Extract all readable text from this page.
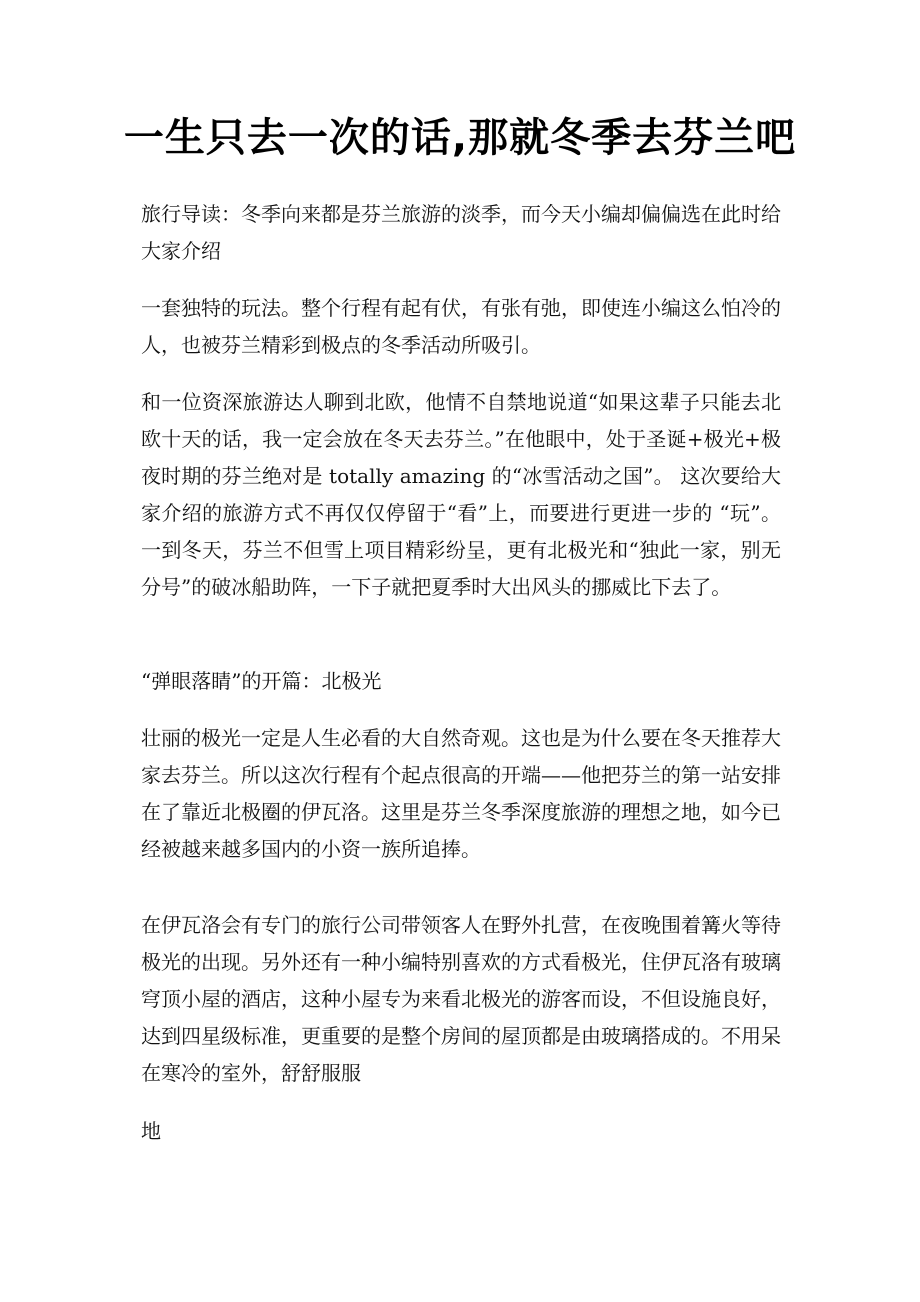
一生只去一次的话,那就冬季去芬兰吧

旅行导读：冬季向来都是芬兰旅游的淡季，而今天小编却偏偏选在此时给大家介绍

一套独特的玩法。整个行程有起有伏，有张有弛，即使连小编这么怕冷的人，也被芬兰精彩到极点的冬季活动所吸引。

和一位资深旅游达人聊到北欧，他情不自禁地说道“如果这辈子只能去北欧十天的话，我一定会放在冬天去芬兰。”在他眼中，处于圣诞+极光+极夜时期的芬兰绝对是 totally amazing 的“冰雪活动之国”。 这次要给大家介绍的旅游方式不再仅仅停留于“看”上，而要进行更进一步的 “玩”。一到冬天，芬兰不但雪上项目精彩纷呈，更有北极光和“独此一家，别无分号”的破冰船助阵，一下子就把夏季时大出风头的挪威比下去了。

“弹眼落睛”的开篇：北极光

壮丽的极光一定是人生必看的大自然奇观。这也是为什么要在冬天推荐大家去芬兰。所以这次行程有个起点很高的开端——他把芬兰的第一站安排在了靠近北极圈的伊瓦洛。这里是芬兰冬季深度旅游的理想之地，如今已经被越来越多国内的小资一族所追捧。

在伊瓦洛会有专门的旅行公司带领客人在野外扎营，在夜晚围着篝火等待极光的出现。另外还有一种小编特别喜欢的方式看极光，住伊瓦洛有玻璃穹顶小屋的酒店，这种小屋专为来看北极光的游客而设，不但设施良好，达到四星级标准，更重要的是整个房间的屋顶都是由玻璃搭成的。不用呆在寒冷的室外，舒舒服服

地
